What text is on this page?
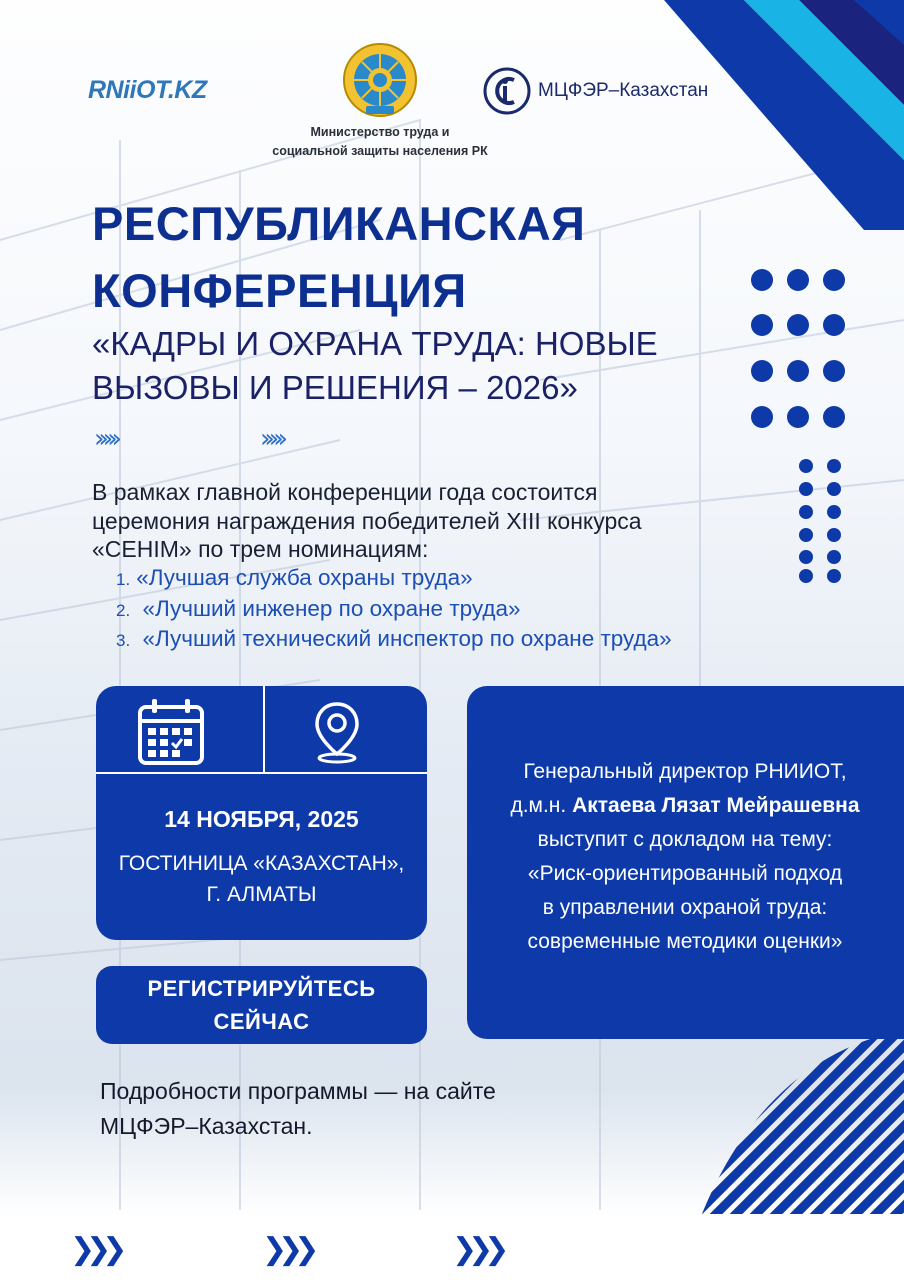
RNiiOT.KZ
Министерство труда и
социальной защиты населения РК
МЦФЭР–Казахстан
РЕСПУБЛИКАНСКАЯ
КОНФЕРЕНЦИЯ
«КАДРЫ И ОХРАНА ТРУДА: НОВЫЕ
ВЫЗОВЫ И РЕШЕНИЯ – 2026»
›››››	›››››
В рамках главной конференции года состоится
церемония награждения победителей XIII конкурса
«СЕНІМ» по трем номинациям:
1. «Лучшая служба охраны труда»
2. «Лучший инженер по охране труда»
3. «Лучший технический инспектор по охране труда»
14 НОЯБРЯ, 2025
ГОСТИНИЦА «КАЗАХСТАН»,
Г. АЛМАТЫ
РЕГИСТРИРУЙТЕСЬ
СЕЙЧАС
Генеральный директор РНИИОТ,
д.м.н. Актаева Лязат Мейрашевна
выступит с докладом на тему:
«Риск-ориентированный подход
в управлении охраной труда:
современные методики оценки»
Подробности программы — на сайте
МЦФЭР–Казахстан.
❯❯❯	❯❯❯	❯❯❯
